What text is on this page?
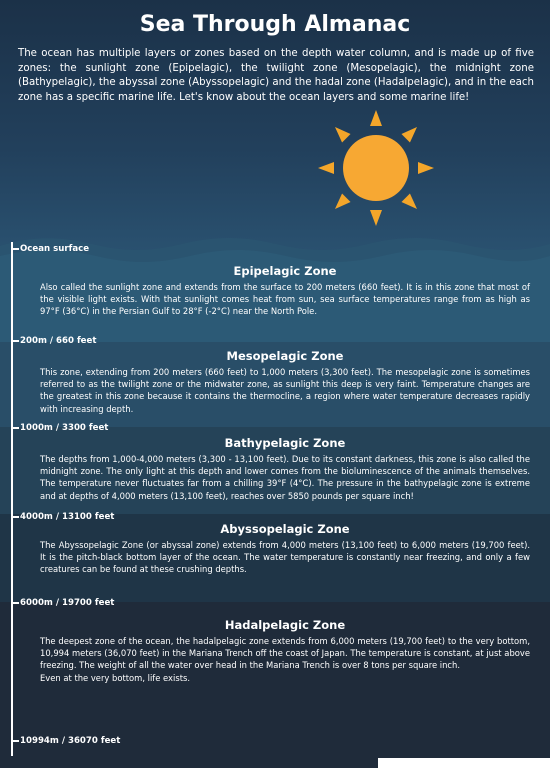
Sea Through Almanac

The ocean has multiple layers or zones based on the depth water column, and is made up of five zones: the sunlight zone (Epipelagic), the twilight zone (Mesopelagic), the midnight zone (Bathypelagic), the abyssal zone (Abyssopelagic) and the hadal zone (Hadalpelagic), and in the each zone has a specific marine life. Let's know about the ocean layers and some marine life!

Ocean surface
200m / 660 feet
1000m / 3300 feet
4000m / 13100 feet
6000m / 19700 feet
10994m / 36070 feet
Epipelagic Zone

Also called the sunlight zone and extends from the surface to 200 meters (660 feet). It is in this zone that most of the visible light exists. With that sunlight comes heat from sun, sea surface temperatures range from as high as 97°F (36°C) in the Persian Gulf to 28°F (-2°C) near the North Pole.

Mesopelagic Zone

This zone, extending from 200 meters (660 feet) to 1,000 meters (3,300 feet). The mesopelagic zone is sometimes referred to as the twilight zone or the midwater zone, as sunlight this deep is very faint. Temperature changes are the greatest in this zone because it contains the thermocline, a region where water temperature decreases rapidly with increasing depth.

Bathypelagic Zone

The depths from 1,000-4,000 meters (3,300 - 13,100 feet). Due to its constant darkness, this zone is also called the midnight zone. The only light at this depth and lower comes from the bioluminescence of the animals themselves. The temperature never fluctuates far from a chilling 39°F (4°C). The pressure in the bathypelagic zone is extreme and at depths of 4,000 meters (13,100 feet), reaches over 5850 pounds per square inch!

Abyssopelagic Zone

The Abyssopelagic Zone (or abyssal zone) extends from 4,000 meters (13,100 feet) to 6,000 meters (19,700 feet). It is the pitch-black bottom layer of the ocean. The water temperature is constantly near freezing, and only a few creatures can be found at these crushing depths.

Hadalpelagic Zone

The deepest zone of the ocean, the hadalpelagic zone extends from 6,000 meters (19,700 feet) to the very bottom, 10,994 meters (36,070 feet) in the Mariana Trench off the coast of Japan. The temperature is constant, at just above freezing. The weight of all the water over head in the Mariana Trench is over 8 tons per square inch.

Even at the very bottom, life exists.
